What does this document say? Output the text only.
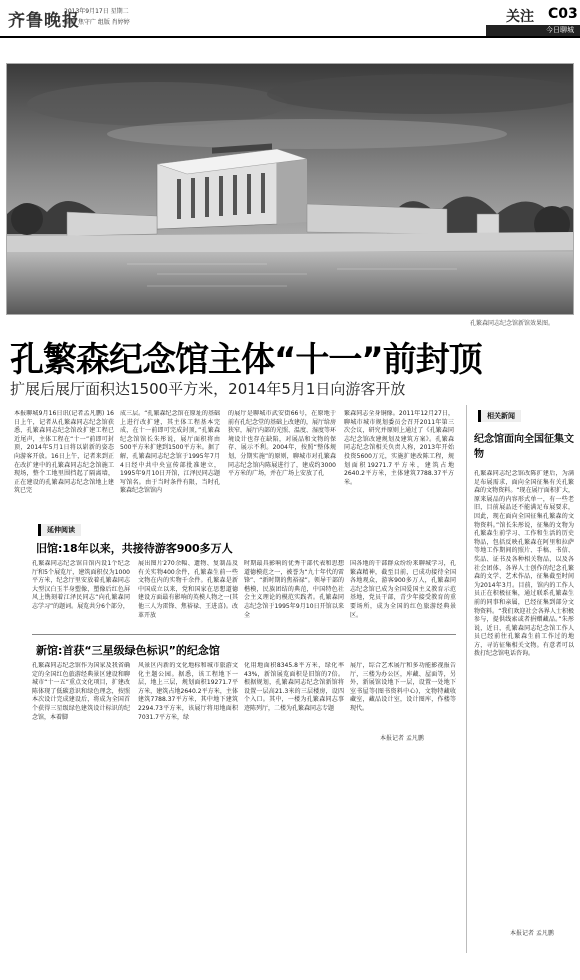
齐鲁晚报
2013年9月17日 星期二
编辑 焦守广 组版 肖婷婷	关注 C03
今日聊城
孔繁森同志纪念馆新馆效果图。
孔繁森纪念馆主体“十一”前封顶
扩展后展厅面积达1500平方米，2014年5月1日向游客开放
本报聊城9月16日讯(记者孟凡鹏) 16日上午，记者从孔繁森同志纪念馆获悉，孔繁森同志纪念馆改扩建工程已近尾声，主体工程在“十一”前即可封顶，2014年5月1日将以崭新的姿态向游客开放。16日上午，记者来到正在改扩建中的孔繁森同志纪念馆施工现场，整个工地里围挡起了隔离墙，正在建设的孔繁森同志纪念馆地上建筑已完
成三层。“孔繁森纪念馆在原址的基础上进行改扩建，其主体工程基本完成，在十一前即可完成封顶，”孔繁森纪念馆馆长朱彤说，展厅面积将由500平方米扩建到1500平方米。据了解，孔繁森同志纪念馆于1995年7月4日经中共中央宣传部批准建立，1995年9月10日开馆，江泽民同志题写馆名。由于当时条件有限，当时孔繁森纪念馆馆内
的展厅是聊城市武安街66号，在原地于前有孔纪念堂的基础上改建的，展厅给房狭窄，展厅内部的光照、温度、湿度等环境设计也存在缺陷，对展品和文物的保存、展示不利。2004年，按照“整体规划，分期实施”的原则，聊城市对孔繁森同志纪念馆内陈展进行了，建成约3000平方米的广场，并在广场上安放了孔
繁森同志全身铜像。2011年12月27日，聊城市城市规划委员会召开2011年第三次会议，研究并原则上通过了《孔繁森同志纪念馆改建规划及建筑方案》。孔繁森同志纪念馆相关负责人称，2013年开始投资5600万元，实施扩建改陈工程，规划面积19271.7平方米，建筑占地2640.2平方米，主体建筑7788.37平方米。
延伸阅读
旧馆:18年以来，共接待游客900多万人
孔繁森同志纪念馆自馆内设1个纪念厅和5个展览厅，建筑面积仅为1000平方米，纪念厅里安放着孔繁森同志大型汉白玉半身塑像，塑像后红色屏风上镌刻着江泽民同志“向孔繁森同志学习”的题词。展览共分6个部分，
展出图片270余幅、遗物、复制品及有关实物400余件，孔繁森生前一些文物在内的实物千余件。孔繁森是新中国成立以来，党和国家在思想道德建设方面最有影响的英模人物之一(其他三人为雷锋、焦裕禄、王进喜)。改革开放
时期最具影响的优秀干部代表和思想道德模范之一，被誉为“九十年代的雷锋”、“新时期的焦裕禄”。领导干部的楷模，民族团结的典范，中国特色社会主义理论的模范实践者。孔繁森同志纪念馆于1995年9月10日开馆以来全
国各地的干部群众纷纷来聊城学习，孔繁森精神，截至目前，已成功接待全国各地观众，游客900多万人，孔繁森同志纪念馆已成为全国爱国主义教育示范基地，党员干部，青少年接受教育的重要场所，成为全国的红色旅游经典景区。
新馆:首获“三星级绿色标识”的纪念馆
孔繁森同志纪念馆作为国家及我省确定的全国红色旅游经典景区建设和聊城市“十一五”重点文化项目，扩建改陈体现了低碳意识和绿色理念，按照本次设计完成建设后，将成为全国首个获得三星级绿色建筑设计标识的纪念馆，本着脚
风景区内新的文化地标和城市旅游文化主题公园。据悉，该工程地下一层，地上三层，规划面积19271.7平方米，建筑占地2640.2平方米，主体建筑7788.37平方米，其中地下建筑2294.73平方米，该展厅将用地面积7031.7平方米，绿
化用地面积8345.8平方米，绿化率43%，新馆展览面积是旧馆的7倍。根据规划，孔繁森同志纪念馆新馆将设置一层高21.3米的三层楼房，设四个入口。其中，一楼为孔繁森同志事迹陈列厅，二楼为孔繁森同志专题
展厅，综合艺术展厅和多功能影视报告厅，三楼为办公区，库藏、屋面等，另外，新展馆设地下一层，设置一处地下室书屋等(图书资料中心)，文物特藏收藏室，藏品设计室，设计图库，作楼等现代。
本报记者 孟凡鹏
相关新闻
纪念馆面向全国征集文物
孔繁森同志纪念馆改陈扩建后，为满足布展需求，面向全国征集有关孔繁森的文物资料。“现在展厅面积扩大，原来展品的内容形式单一，有一些老旧，目前展品还不能满足布展要求，因此，现在面向全国征集孔繁森的文物资料。”馆长朱彤说，征集的文物为孔繁森生前学习、工作和生活的历史物品，包括反映孔繁森在阿里和拉萨等地工作期间的照片、手稿、书信、奖品、证书及各种相关物品，以及各社会团体、各界人士创作的纪念孔繁森的文学、艺术作品，征集截至时间为2014年3月。目前，馆内的工作人员正在积极征集，通过联系孔繁森生前的同事和亲属，已经征集到部分文物资料。“我们欢迎社会各界人士积极参与，提供线索或者捐赠藏品。”朱彤说，近日，孔繁森同志纪念馆工作人员已经前往孔繁森生前工作过的地方，寻访征集相关文物。有意者可以拨打纪念馆电话咨询。
本报记者 孟凡鹏
